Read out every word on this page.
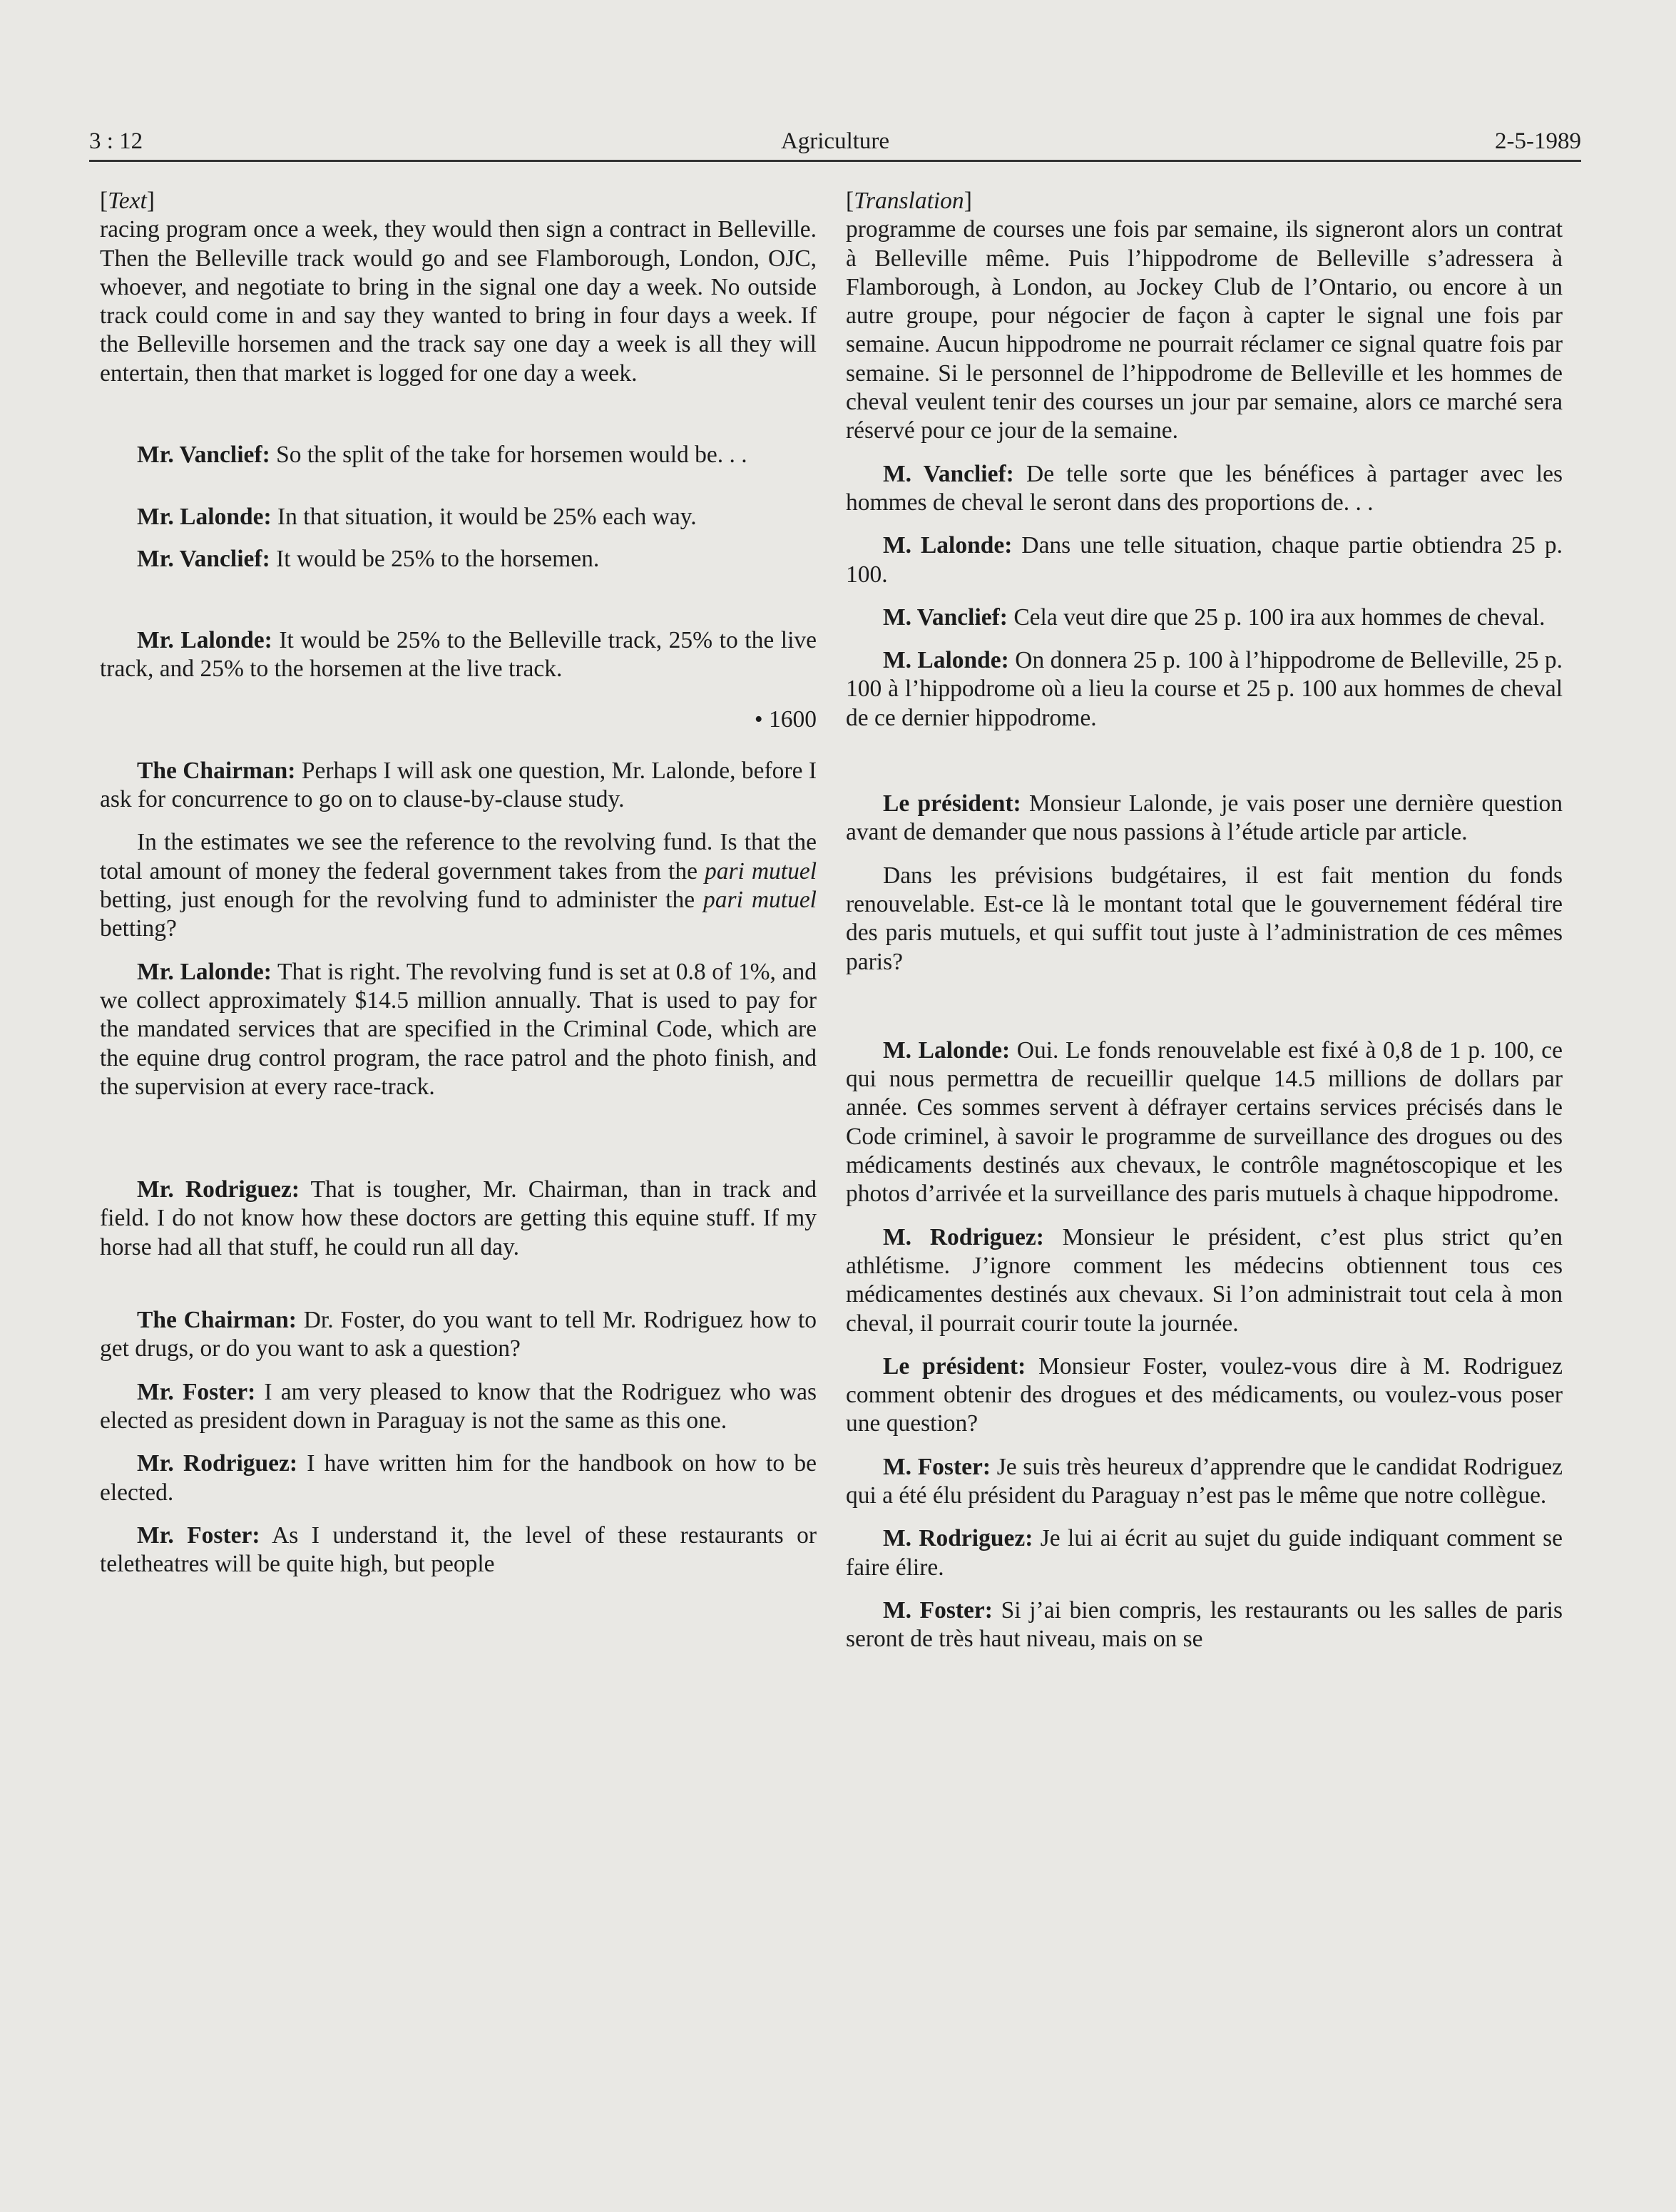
3 : 12	Agriculture	2-5-1989

[Text]

racing program once a week, they would then sign a contract in Belleville. Then the Belleville track would go and see Flamborough, London, OJC, whoever, and negotiate to bring in the signal one day a week. No outside track could come in and say they wanted to bring in four days a week. If the Belleville horsemen and the track say one day a week is all they will entertain, then that market is logged for one day a week.

Mr. Vanclief: So the split of the take for horsemen would be. . .

Mr. Lalonde: In that situation, it would be 25% each way.

Mr. Vanclief: It would be 25% to the horsemen.

Mr. Lalonde: It would be 25% to the Belleville track, 25% to the live track, and 25% to the horsemen at the live track.

• 1600

The Chairman: Perhaps I will ask one question, Mr. Lalonde, before I ask for concurrence to go on to clause-by-clause study.

In the estimates we see the reference to the revolving fund. Is that the total amount of money the federal government takes from the pari mutuel betting, just enough for the revolving fund to administer the pari mutuel betting?

Mr. Lalonde: That is right. The revolving fund is set at 0.8 of 1%, and we collect approximately $14.5 million annually. That is used to pay for the mandated services that are specified in the Criminal Code, which are the equine drug control program, the race patrol and the photo finish, and the supervision at every race-track.

Mr. Rodriguez: That is tougher, Mr. Chairman, than in track and field. I do not know how these doctors are getting this equine stuff. If my horse had all that stuff, he could run all day.

The Chairman: Dr. Foster, do you want to tell Mr. Rodriguez how to get drugs, or do you want to ask a question?

Mr. Foster: I am very pleased to know that the Rodriguez who was elected as president down in Paraguay is not the same as this one.

Mr. Rodriguez: I have written him for the handbook on how to be elected.

Mr. Foster: As I understand it, the level of these restaurants or teletheatres will be quite high, but people

[Translation]

programme de courses une fois par semaine, ils signeront alors un contrat à Belleville même. Puis l’hippodrome de Belleville s’adressera à Flamborough, à London, au Jockey Club de l’Ontario, ou encore à un autre groupe, pour négocier de façon à capter le signal une fois par semaine. Aucun hippodrome ne pourrait réclamer ce signal quatre fois par semaine. Si le personnel de l’hippodrome de Belleville et les hommes de cheval veulent tenir des courses un jour par semaine, alors ce marché sera réservé pour ce jour de la semaine.

M. Vanclief: De telle sorte que les bénéfices à partager avec les hommes de cheval le seront dans des proportions de. . .

M. Lalonde: Dans une telle situation, chaque partie obtiendra 25 p. 100.

M. Vanclief: Cela veut dire que 25 p. 100 ira aux hommes de cheval.

M. Lalonde: On donnera 25 p. 100 à l’hippodrome de Belleville, 25 p. 100 à l’hippodrome où a lieu la course et 25 p. 100 aux hommes de cheval de ce dernier hippodrome.

Le président: Monsieur Lalonde, je vais poser une dernière question avant de demander que nous passions à l’étude article par article.

Dans les prévisions budgétaires, il est fait mention du fonds renouvelable. Est-ce là le montant total que le gouvernement fédéral tire des paris mutuels, et qui suffit tout juste à l’administration de ces mêmes paris?

M. Lalonde: Oui. Le fonds renouvelable est fixé à 0,8 de 1 p. 100, ce qui nous permettra de recueillir quelque 14.5 millions de dollars par année. Ces sommes servent à défrayer certains services précisés dans le Code criminel, à savoir le programme de surveillance des drogues ou des médicaments destinés aux chevaux, le contrôle magnétoscopique et les photos d’arrivée et la surveillance des paris mutuels à chaque hippodrome.

M. Rodriguez: Monsieur le président, c’est plus strict qu’en athlétisme. J’ignore comment les médecins obtiennent tous ces médicamentes destinés aux chevaux. Si l’on administrait tout cela à mon cheval, il pourrait courir toute la journée.

Le président: Monsieur Foster, voulez-vous dire à M. Rodriguez comment obtenir des drogues et des médicaments, ou voulez-vous poser une question?

M. Foster: Je suis très heureux d’apprendre que le candidat Rodriguez qui a été élu président du Paraguay n’est pas le même que notre collègue.

M. Rodriguez: Je lui ai écrit au sujet du guide indiquant comment se faire élire.

M. Foster: Si j’ai bien compris, les restaurants ou les salles de paris seront de très haut niveau, mais on se
